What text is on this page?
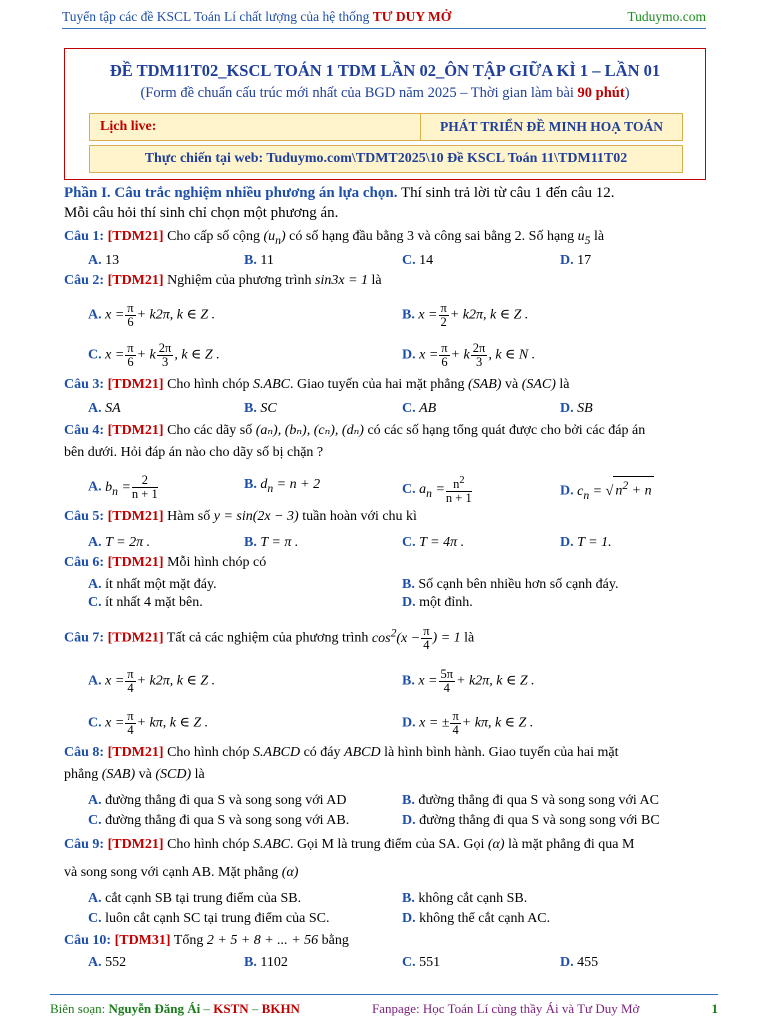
Tuyển tập các đề KSCL Toán Lí chất lượng của hệ thống TƯ DUY MỞ	Tuduymo.com
ĐỀ TDM11T02_KSCL TOÁN 1 TDM LẦN 02_ÔN TẬP GIỮA KÌ 1 – LẦN 01
(Form đề chuẩn cấu trúc mới nhất của BGD năm 2025 – Thời gian làm bài 90 phút)
Lịch live:	PHÁT TRIỂN ĐỀ MINH HOẠ TOÁN
Thực chiến tại web: Tuduymo.com\TDMT2025\10 Đề KSCL Toán 11\TDM11T02
Phần I. Câu trắc nghiệm nhiều phương án lựa chọn. Thí sinh trả lời từ câu 1 đến câu 12.
Mỗi câu hỏi thí sinh chỉ chọn một phương án.
Câu 1: [TDM21] Cho cấp số cộng $(u_n)$ có số hạng đầu bằng 3 và công sai bằng 2. Số hạng $u_5$ là
A. 13	B. 11	C. 14	D. 17
Câu 2: [TDM21] Nghiệm của phương trình sin3x = 1 là
A. $x = \frac{\pi}{6} + k2\pi$, k ∈ Z .	B. $x = \frac{\pi}{2} + k2\pi$, k ∈ Z .
C. $x = \frac{\pi}{6} + k \frac{2\pi}{3}$ , k ∈ Z .	D. $x = \frac{\pi}{6} + k \frac{2\pi}{3}$ , k ∈ N .
Câu 3: [TDM21] Cho hình chóp S.ABC. Giao tuyến của hai mặt phẳng (SAB) và (SAC) là
A. SA	B. SC	C. AB	D. SB
Câu 4: [TDM21] Cho các dãy số (aₙ), (bₙ), (cₙ), (dₙ) có các số hạng tổng quát được cho bởi các đáp án
bên dưới. Hỏi đáp án nào cho dãy số bị chặn ?
A. $b_n = \frac{2}{n + 1}$	B. $d_n = n + 2$	C. $a_n = \frac{n^2}{n + 1}$	D. $c_n$ = √ $n^2 + n$
Câu 5: [TDM21] Hàm số y = sin(2x − 3) tuần hoàn với chu kì
A. T = 2π .	B. T = π .	C. T = 4π .	D. T = 1.
Câu 6: [TDM21] Mỗi hình chóp có
A. ít nhất một mặt đáy.	B. Số cạnh bên nhiều hơn số cạnh đáy.
C. ít nhất 4 mặt bên.	D. một đỉnh.
Câu 7: [TDM21] Tất cả các nghiệm của phương trình $\cos^2(x - \frac{\pi}{4}$ ) = 1 là
A. $x = \frac{\pi}{4} + k2\pi$, k ∈ Z .	B. $x = \frac{5\pi}{4} + k2\pi$, k ∈ Z .
C. $x = \frac{\pi}{4} + k\pi$, k ∈ Z .	D. x = ± $\frac{\pi}{4} + k\pi$, k ∈ Z .
Câu 8: [TDM21] Cho hình chóp S.ABCD có đáy ABCD là hình bình hành. Giao tuyến của hai mặt
phẳng (SAB) và (SCD) là
A. đường thẳng đi qua S và song song với AD	B. đường thẳng đi qua S và song song với AC
C. đường thẳng đi qua S và song song với AB.	D. đường thẳng đi qua S và song song với BC
Câu 9: [TDM21] Cho hình chóp S.ABC. Gọi M là trung điểm của SA. Gọi (α) là mặt phẳng đi qua M
và song song với cạnh AB. Mặt phẳng (α)
A. cắt cạnh SB tại trung điểm của SB.	B. không cắt cạnh SB.
C. luôn cắt cạnh SC tại trung điểm của SC.	D. không thể cắt cạnh AC.
Câu 10: [TDM31] Tổng 2 + 5 + 8 + ... + 56 bằng
A. 552	B. 1102	C. 551	D. 455
Biên soạn: Nguyễn Đăng Ái – KSTN – BKHN	Fanpage: Học Toán Lí cùng thầy Ái và Tư Duy Mở	1
